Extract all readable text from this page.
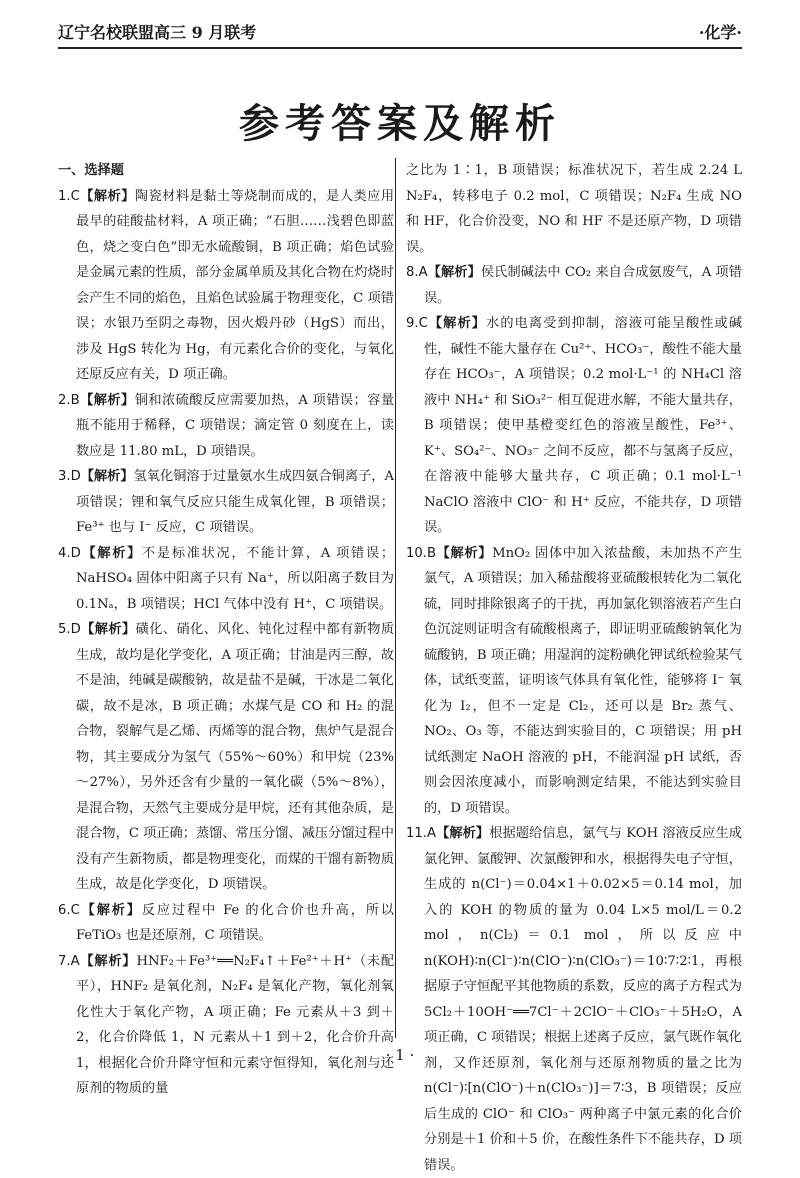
辽宁名校联盟高三 9 月联考	·化学·
参考答案及解析
一、选择题

1.C【解析】陶瓷材料是黏土等烧制而成的，是人类应用最早的硅酸盐材料，A 项正确；“石胆……浅碧色即蓝色，烧之变白色”即无水硫酸铜，B 项正确；焰色试验是金属元素的性质，部分金属单质及其化合物在灼烧时会产生不同的焰色，且焰色试验属于物理变化，C 项错误；水银乃至阴之毒物，因火煅丹砂（HgS）而出，涉及 HgS 转化为 Hg，有元素化合价的变化，与氧化还原反应有关，D 项正确。

2.B【解析】铜和浓硫酸反应需要加热，A 项错误；容量瓶不能用于稀释，C 项错误；滴定管 0 刻度在上，读数应是 11.80 mL，D 项错误。

3.D【解析】氢氧化铜溶于过量氨水生成四氨合铜离子，A 项错误；锂和氧气反应只能生成氧化锂，B 项错误；Fe³⁺ 也与 I⁻ 反应，C 项错误。

4.D【解析】不是标准状况，不能计算，A 项错误；NaHSO₄ 固体中阳离子只有 Na⁺，所以阳离子数目为 0.1Nₐ，B 项错误；HCl 气体中没有 H⁺，C 项错误。

5.D【解析】磺化、硝化、风化、钝化过程中都有新物质生成，故均是化学变化，A 项正确；甘油是丙三醇，故不是油，纯碱是碳酸钠，故是盐不是碱，干冰是二氧化碳，故不是冰，B 项正确；水煤气是 CO 和 H₂ 的混合物，裂解气是乙烯、丙烯等的混合物，焦炉气是混合物，其主要成分为氢气（55%～60%）和甲烷（23%～27%），另外还含有少量的一氧化碳（5%～8%），是混合物，天然气主要成分是甲烷，还有其他杂质，是混合物，C 项正确；蒸馏、常压分馏、减压分馏过程中没有产生新物质，都是物理变化，而煤的干馏有新物质生成，故是化学变化，D 项错误。

6.C【解析】反应过程中 Fe 的化合价也升高，所以 FeTiO₃ 也是还原剂，C 项错误。

7.A【解析】HNF₂＋Fe³⁺══N₂F₄↑＋Fe²⁺＋H⁺（未配平），HNF₂ 是氧化剂，N₂F₄ 是氧化产物，氧化剂氧化性大于氧化产物，A 项正确；Fe 元素从＋3 到＋2，化合价降低 1，N 元素从＋1 到＋2，化合价升高 1，根据化合价升降守恒和元素守恒得知，氧化剂与还原剂的物质的量

之比为 1∶1，B 项错误；标准状况下，若生成 2.24 L N₂F₄，转移电子 0.2 mol，C 项错误；N₂F₄ 生成 NO 和 HF，化合价没变，NO 和 HF 不是还原产物，D 项错误。

8.A【解析】侯氏制碱法中 CO₂ 来自合成氨废气，A 项错误。

9.C【解析】水的电离受到抑制，溶液可能呈酸性或碱性，碱性不能大量存在 Cu²⁺、HCO₃⁻，酸性不能大量存在 HCO₃⁻，A 项错误；0.2 mol·L⁻¹ 的 NH₄Cl 溶液中 NH₄⁺ 和 SiO₃²⁻ 相互促进水解，不能大量共存，B 项错误；使甲基橙变红色的溶液呈酸性，Fe³⁺、K⁺、SO₄²⁻、NO₃⁻ 之间不反应，都不与氢离子反应，在溶液中能够大量共存，C 项正确；0.1 mol·L⁻¹ NaClO 溶液中 ClO⁻ 和 H⁺ 反应，不能共存，D 项错误。

10.B【解析】MnO₂ 固体中加入浓盐酸，未加热不产生氯气，A 项错误；加入稀盐酸将亚硫酸根转化为二氧化硫，同时排除银离子的干扰，再加氯化钡溶液若产生白色沉淀则证明含有硫酸根离子，即证明亚硫酸钠氧化为硫酸钠，B 项正确；用湿润的淀粉碘化钾试纸检验某气体，试纸变蓝，证明该气体具有氧化性，能够将 I⁻ 氧化为 I₂，但不一定是 Cl₂，还可以是 Br₂ 蒸气、NO₂、O₃ 等，不能达到实验目的，C 项错误；用 pH 试纸测定 NaOH 溶液的 pH，不能润湿 pH 试纸，否则会因浓度减小，而影响测定结果，不能达到实验目的，D 项错误。

11.A【解析】根据题给信息，氯气与 KOH 溶液反应生成氯化钾、氯酸钾、次氯酸钾和水，根据得失电子守恒，生成的 n(Cl⁻)＝0.04×1＋0.02×5＝0.14 mol，加入的 KOH 的物质的量为 0.04 L×5 mol/L＝0.2 mol，n(Cl₂)＝0.1 mol，所以反应中 n(KOH)∶n(Cl⁻)∶n(ClO⁻)∶n(ClO₃⁻)＝10∶7∶2∶1，再根据原子守恒配平其他物质的系数，反应的离子方程式为 5Cl₂＋10OH⁻══7Cl⁻＋2ClO⁻＋ClO₃⁻＋5H₂O，A 项正确，C 项错误；根据上述离子反应，氯气既作氧化剂，又作还原剂，氧化剂与还原剂物质的量之比为 n(Cl⁻)∶[n(ClO⁻)＋n(ClO₃⁻)]＝7∶3，B 项错误；反应后生成的 ClO⁻ 和 ClO₃⁻ 两种离子中氯元素的化合价分别是＋1 价和＋5 价，在酸性条件下不能共存，D 项错误。

· 1 ·
